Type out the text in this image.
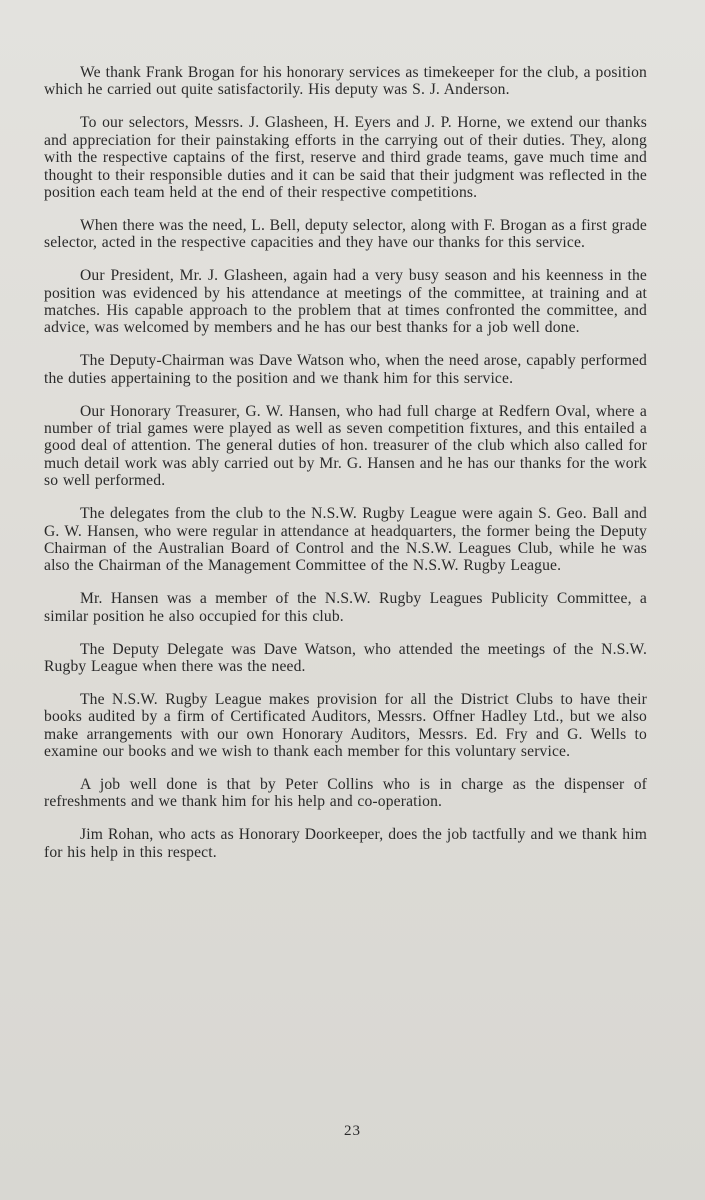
We thank Frank Brogan for his honorary services as timekeeper for the club, a position which he carried out quite satisfactorily. His deputy was S. J. Anderson.

To our selectors, Messrs. J. Glasheen, H. Eyers and J. P. Horne, we extend our thanks and appreciation for their painstaking efforts in the carrying out of their duties. They, along with the respective captains of the first, reserve and third grade teams, gave much time and thought to their responsible duties and it can be said that their judgment was reflected in the position each team held at the end of their respective competitions.

When there was the need, L. Bell, deputy selector, along with F. Brogan as a first grade selector, acted in the respective capacities and they have our thanks for this service.

Our President, Mr. J. Glasheen, again had a very busy season and his keenness in the position was evidenced by his attendance at meetings of the committee, at training and at matches. His capable approach to the problem that at times confronted the committee, and advice, was welcomed by members and he has our best thanks for a job well done.

The Deputy-Chairman was Dave Watson who, when the need arose, capably performed the duties appertaining to the position and we thank him for this service.

Our Honorary Treasurer, G. W. Hansen, who had full charge at Redfern Oval, where a number of trial games were played as well as seven competition fixtures, and this entailed a good deal of attention. The general duties of hon. treasurer of the club which also called for much detail work was ably carried out by Mr. G. Hansen and he has our thanks for the work so well performed.

The delegates from the club to the N.S.W. Rugby League were again S. Geo. Ball and G. W. Hansen, who were regular in attendance at headquarters, the former being the Deputy Chairman of the Australian Board of Control and the N.S.W. Leagues Club, while he was also the Chairman of the Management Committee of the N.S.W. Rugby League.

Mr. Hansen was a member of the N.S.W. Rugby Leagues Publicity Committee, a similar position he also occupied for this club.

The Deputy Delegate was Dave Watson, who attended the meetings of the N.S.W. Rugby League when there was the need.

The N.S.W. Rugby League makes provision for all the District Clubs to have their books audited by a firm of Certificated Auditors, Messrs. Offner Hadley Ltd., but we also make arrangements with our own Honorary Auditors, Messrs. Ed. Fry and G. Wells to examine our books and we wish to thank each member for this voluntary service.

A job well done is that by Peter Collins who is in charge as the dispenser of refreshments and we thank him for his help and co-operation.

Jim Rohan, who acts as Honorary Doorkeeper, does the job tactfully and we thank him for his help in this respect.

23
